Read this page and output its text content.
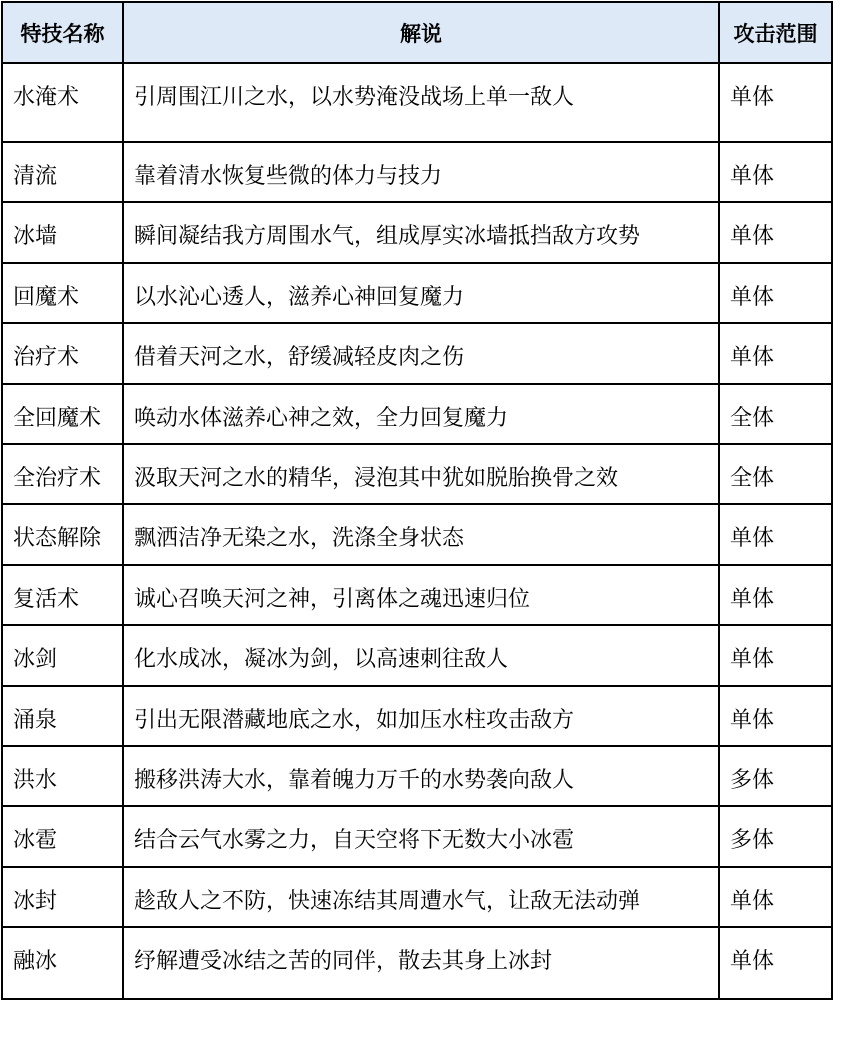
特技名称	解说	攻击范围
水淹术	引周围江川之水，以水势淹没战场上单一敌人	单体
清流	靠着清水恢复些微的体力与技力	单体
冰墙	瞬间凝结我方周围水气，组成厚实冰墙抵挡敌方攻势	单体
回魔术	以水沁心透人，滋养心神回复魔力	单体
治疗术	借着天河之水，舒缓减轻皮肉之伤	单体
全回魔术	唤动水体滋养心神之效，全力回复魔力	全体
全治疗术	汲取天河之水的精华，浸泡其中犹如脱胎换骨之效	全体
状态解除	飘洒洁净无染之水，洗涤全身状态	单体
复活术	诚心召唤天河之神，引离体之魂迅速归位	单体
冰剑	化水成冰，凝冰为剑，以高速刺往敌人	单体
涌泉	引出无限潜藏地底之水，如加压水柱攻击敌方	单体
洪水	搬移洪涛大水，靠着魄力万千的水势袭向敌人	多体
冰雹	结合云气水雾之力，自天空将下无数大小冰雹	多体
冰封	趁敌人之不防，快速冻结其周遭水气，让敌无法动弹	单体
融冰	纾解遭受冰结之苦的同伴，散去其身上冰封	单体
